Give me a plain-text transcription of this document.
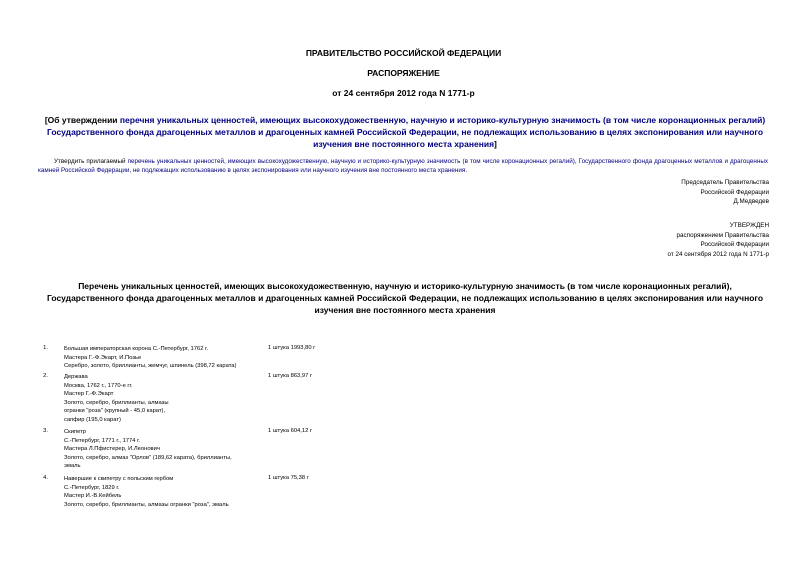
ПРАВИТЕЛЬСТВО РОССИЙСКОЙ ФЕДЕРАЦИИ
РАСПОРЯЖЕНИЕ
от 24 сентября 2012 года N 1771-р
[Об утверждении перечня уникальных ценностей, имеющих высокохудожественную, научную и историко-культурную значимость (в том числе коронационных регалий) Государственного фонда драгоценных металлов и драгоценных камней Российской Федерации, не подлежащих использованию в целях экспонирования или научного изучения вне постоянного места хранения]
Утвердить прилагаемый перечень уникальных ценностей, имеющих высокохудожественную, научную и историко-культурную значимость (в том числе коронационных регалий), Государственного фонда драгоценных металлов и драгоценных камней Российской Федерации, не подлежащих использованию в целях экспонирования или научного изучения вне постоянного места хранения.
Председатель Правительства
Российской Федерации
Д.Медведев
УТВЕРЖДЕН
распоряжением Правительства
Российской Федерации
от 24 сентября 2012 года N 1771-р
Перечень уникальных ценностей, имеющих высокохудожественную, научную и историко-культурную значимость (в том числе коронационных регалий), Государственного фонда драгоценных металлов и драгоценных камней Российской Федерации, не подлежащих использованию в целях экспонирования или научного изучения вне постоянного места хранения
1.	Большая императорская корона С.-Петербург, 1762 г.
Мастера Г.-Ф.Экарт, И.Позье
Серебро, золото, бриллианты, жемчуг, шпинель (398,72 карата)
1 штука 1993,80 г
2.	Держава
Москва, 1762 г., 1770-е гг.
Мастер Г.-Ф.Экарт
Золото, серебро, бриллианты, алмазы
огранки "роза" (крупный - 45,0 карат),
сапфир (195,0 карат)
1 штука 863,97 г
3.	Скипетр
С.-Петербург, 1771 г., 1774 г.
Мастера Л.Пфистерер, И.Леонович
Золото, серебро, алмаз "Орлов" (189,62 карата), бриллианты,
эмаль
1 штука 604,12 г
4.	Навершие к скипетру с польским гербом
С.-Петербург, 1829 г.
Мастер И.-В.Кейбель
Золото, серебро, бриллианты, алмазы огранки "роза", эмаль
1 штука 75,38 г
